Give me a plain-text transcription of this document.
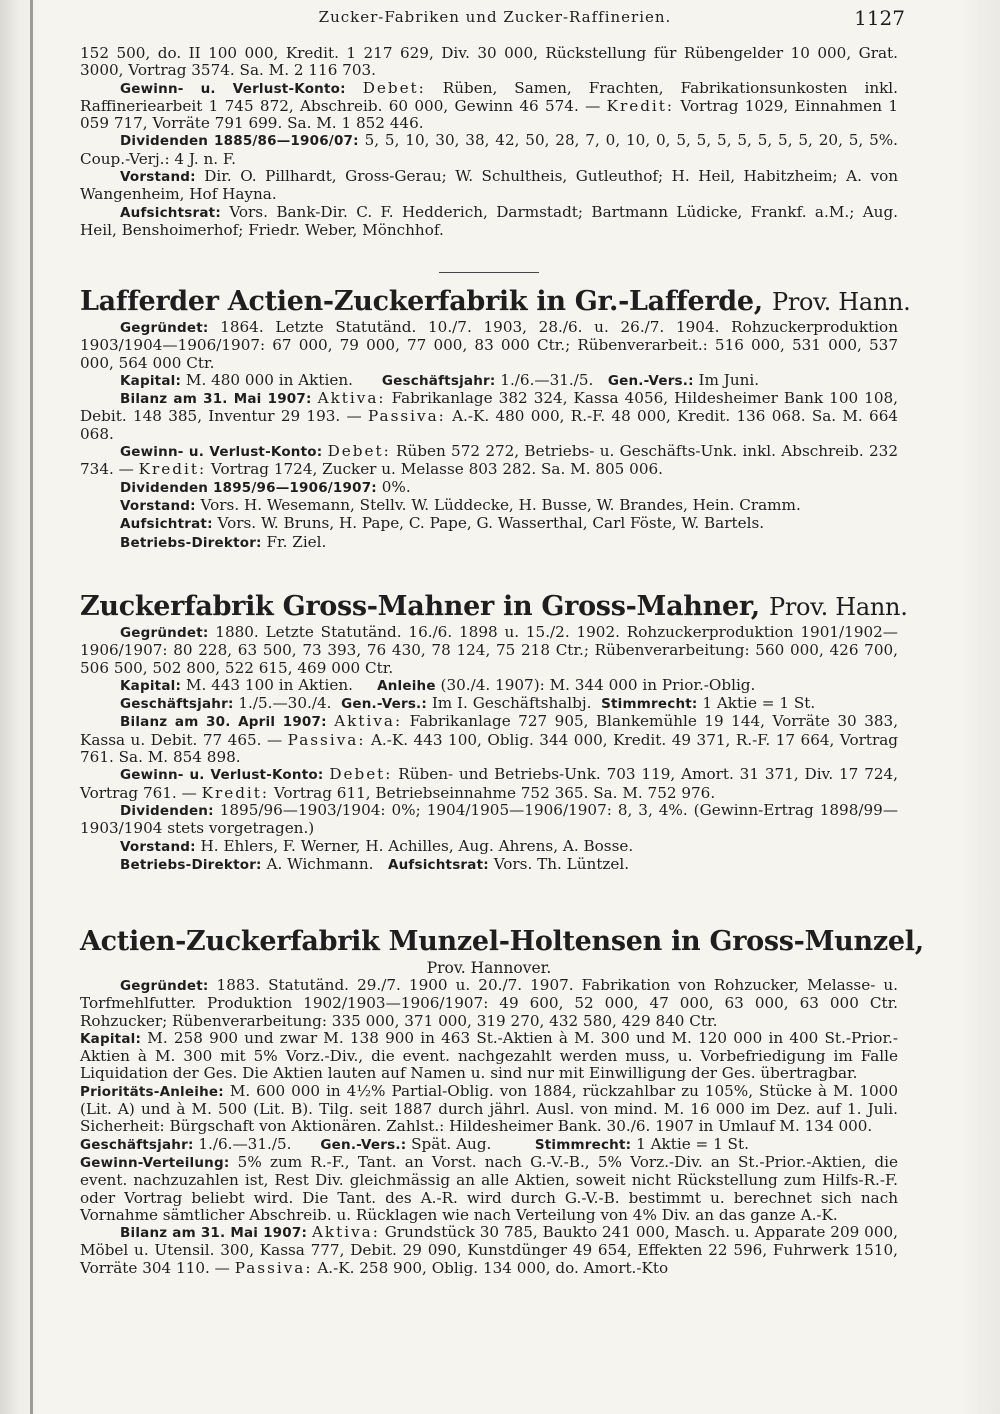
Zucker-Fabriken und Zucker-Raffinerien.	1127

152 500, do. II 100 000, Kredit. 1 217 629, Div. 30 000, Rückstellung für Rübengelder 10 000, Grat. 3000, Vortrag 3574. Sa. M. 2 116 703.

Gewinn- u. Verlust-Konto: Debet: Rüben, Samen, Frachten, Fabrikationsunkosten inkl. Raffineriearbeit 1 745 872, Abschreib. 60 000, Gewinn 46 574. — Kredit: Vortrag 1029, Einnahmen 1 059 717, Vorräte 791 699. Sa. M. 1 852 446.

Dividenden 1885/86—1906/07: 5, 5, 10, 30, 38, 42, 50, 28, 7, 0, 10, 0, 5, 5, 5, 5, 5, 5, 5, 20, 5, 5%. Coup.-Verj.: 4 J. n. F.

Vorstand: Dir. O. Pillhardt, Gross-Gerau; W. Schultheis, Gutleuthof; H. Heil, Habitzheim; A. von Wangenheim, Hof Hayna.

Aufsichtsrat: Vors. Bank-Dir. C. F. Hedderich, Darmstadt; Bartmann Lüdicke, Frankf. a.M.; Aug. Heil, Benshoimerhof; Friedr. Weber, Mönchhof.

Lafferder Actien-Zuckerfabrik in Gr.-Lafferde, Prov. Hann.

Gegründet: 1864. Letzte Statutänd. 10./7. 1903, 28./6. u. 26./7. 1904. Rohzuckerproduktion 1903/1904—1906/1907: 67 000, 79 000, 77 000, 83 000 Ctr.; Rübenverarbeit.: 516 000, 531 000, 537 000, 564 000 Ctr.

Kapital: M. 480 000 in Aktien. Geschäftsjahr: 1./6.—31./5. Gen.-Vers.: Im Juni.

Bilanz am 31. Mai 1907: Aktiva: Fabrikanlage 382 324, Kassa 4056, Hildesheimer Bank 100 108, Debit. 148 385, Inventur 29 193. — Passiva: A.-K. 480 000, R.-F. 48 000, Kredit. 136 068. Sa. M. 664 068.

Gewinn- u. Verlust-Konto: Debet: Rüben 572 272, Betriebs- u. Geschäfts-Unk. inkl. Abschreib. 232 734. — Kredit: Vortrag 1724, Zucker u. Melasse 803 282. Sa. M. 805 006.

Dividenden 1895/96—1906/1907: 0%.

Vorstand: Vors. H. Wesemann, Stellv. W. Lüddecke, H. Busse, W. Brandes, Hein. Cramm.

Aufsichtrat: Vors. W. Bruns, H. Pape, C. Pape, G. Wasserthal, Carl Föste, W. Bartels.

Betriebs-Direktor: Fr. Ziel.

Zuckerfabrik Gross-Mahner in Gross-Mahner, Prov. Hann.

Gegründet: 1880. Letzte Statutänd. 16./6. 1898 u. 15./2. 1902. Rohzuckerproduktion 1901/1902—1906/1907: 80 228, 63 500, 73 393, 76 430, 78 124, 75 218 Ctr.; Rübenverarbeitung: 560 000, 426 700, 506 500, 502 800, 522 615, 469 000 Ctr.

Kapital: M. 443 100 in Aktien. Anleihe (30./4. 1907): M. 344 000 in Prior.-Oblig.

Geschäftsjahr: 1./5.—30./4. Gen.-Vers.: Im I. Geschäftshalbj. Stimmrecht: 1 Aktie = 1 St.

Bilanz am 30. April 1907: Aktiva: Fabrikanlage 727 905, Blankemühle 19 144, Vorräte 30 383, Kassa u. Debit. 77 465. — Passiva: A.-K. 443 100, Oblig. 344 000, Kredit. 49 371, R.-F. 17 664, Vortrag 761. Sa. M. 854 898.

Gewinn- u. Verlust-Konto: Debet: Rüben- und Betriebs-Unk. 703 119, Amort. 31 371, Div. 17 724, Vortrag 761. — Kredit: Vortrag 611, Betriebseinnahme 752 365. Sa. M. 752 976.

Dividenden: 1895/96—1903/1904: 0%; 1904/1905—1906/1907: 8, 3, 4%. (Gewinn-Ertrag 1898/99—1903/1904 stets vorgetragen.)

Vorstand: H. Ehlers, F. Werner, H. Achilles, Aug. Ahrens, A. Bosse.

Betriebs-Direktor: A. Wichmann. Aufsichtsrat: Vors. Th. Lüntzel.

Actien-Zuckerfabrik Munzel-Holtensen in Gross-Munzel,
Prov. Hannover.

Gegründet: 1883. Statutänd. 29./7. 1900 u. 20./7. 1907. Fabrikation von Rohzucker, Melasse- u. Torfmehlfutter. Produktion 1902/1903—1906/1907: 49 600, 52 000, 47 000, 63 000, 63 000 Ctr. Rohzucker; Rübenverarbeitung: 335 000, 371 000, 319 270, 432 580, 429 840 Ctr.

Kapital: M. 258 900 und zwar M. 138 900 in 463 St.-Aktien à M. 300 und M. 120 000 in 400 St.-Prior.-Aktien à M. 300 mit 5% Vorz.-Div., die event. nachgezahlt werden muss, u. Vorbefriedigung im Falle Liquidation der Ges. Die Aktien lauten auf Namen u. sind nur mit Einwilligung der Ges. übertragbar.

Prioritäts-Anleihe: M. 600 000 in 4½% Partial-Oblig. von 1884, rückzahlbar zu 105%, Stücke à M. 1000 (Lit. A) und à M. 500 (Lit. B). Tilg. seit 1887 durch jährl. Ausl. von mind. M. 16 000 im Dez. auf 1. Juli. Sicherheit: Bürgschaft von Aktionären. Zahlst.: Hildesheimer Bank. 30./6. 1907 in Umlauf M. 134 000.

Geschäftsjahr: 1./6.—31./5. Gen.-Vers.: Spät. Aug.	Stimmrecht: 1 Aktie = 1 St.

Gewinn-Verteilung: 5% zum R.-F., Tant. an Vorst. nach G.-V.-B., 5% Vorz.-Div. an St.-Prior.-Aktien, die event. nachzuzahlen ist, Rest Div. gleichmässig an alle Aktien, soweit nicht Rückstellung zum Hilfs-R.-F. oder Vortrag beliebt wird. Die Tant. des A.-R. wird durch G.-V.-B. bestimmt u. berechnet sich nach Vornahme sämtlicher Abschreib. u. Rücklagen wie nach Verteilung von 4% Div. an das ganze A.-K.

Bilanz am 31. Mai 1907: Aktiva: Grundstück 30 785, Baukto 241 000, Masch. u. Apparate 209 000, Möbel u. Utensil. 300, Kassa 777, Debit. 29 090, Kunstdünger 49 654, Effekten 22 596, Fuhrwerk 1510, Vorräte 304 110. — Passiva: A.-K. 258 900, Oblig. 134 000, do. Amort.-Kto
